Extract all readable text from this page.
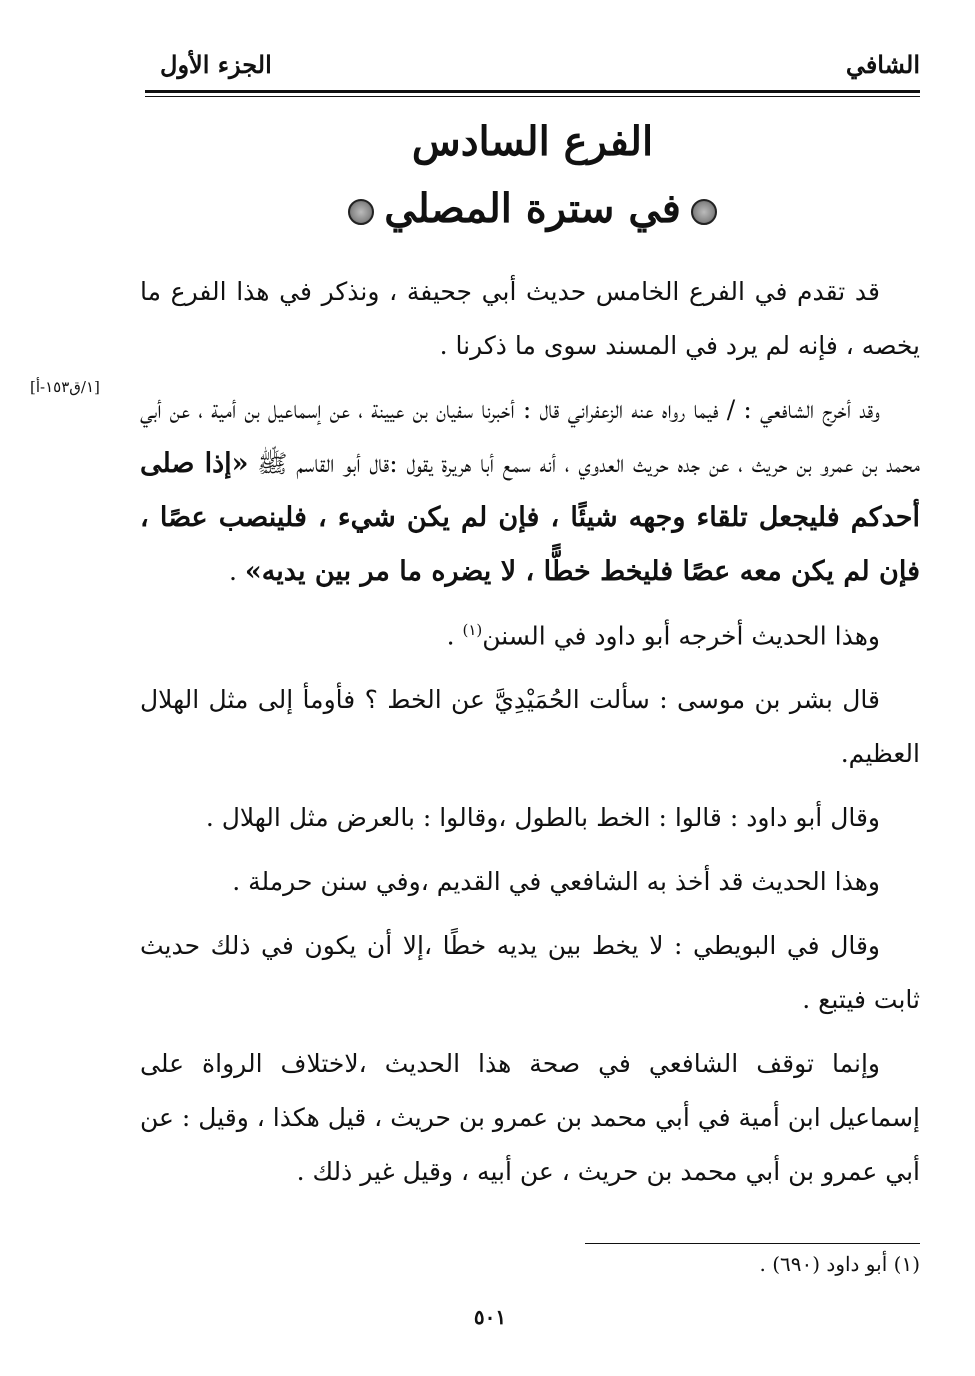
الشافي
الجزء الأول
الفرع السادس
في سترة المصلي
[١/ق١٥٣-أ]

قد تقدم في الفرع الخامس حديث أبي جحيفة ، ونذكر في هذا الفرع ما يخصه ، فإنه لم يرد في المسند سوى ما ذكرنا .

وقد أخرج الشافعي : / فيما رواه عنه الزعفراني قال : أخبرنا سفيان بن عيينة ، عن إسماعيل بن أمية ، عن أبي محمد بن عمرو بن حريث ، عن جده حريث العدوي ، أنه سمع أبا هريرة يقول :قال أبو القاسم ﷺ «إذا صلى أحدكم فليجعل تلقاء وجهه شيئًا ، فإن لم يكن شيء ، فلينصب عصًا ، فإن لم يكن معه عصًا فليخط خطًّا ، لا يضره ما مر بين يديه» .

وهذا الحديث أخرجه أبو داود في السنن$^{(١)}$ .

قال بشر بن موسى : سألت الحُمَيْدِيَّ عن الخط ؟ فأومأ إلى مثل الهلال العظيم.

وقال أبو داود : قالوا : الخط بالطول ،وقالوا : بالعرض مثل الهلال .

وهذا الحديث قد أخذ به الشافعي في القديم ،وفي سنن حرملة .

وقال في البويطي : لا يخط بين يديه خطًا ،إلا أن يكون في ذلك حديث ثابت فيتبع .

وإنما توقف الشافعي في صحة هذا الحديث ،لاختلاف الرواة على إسماعيل ابن أمية في أبي محمد بن عمرو بن حريث ، قيل هكذا ، وقيل : عن أبي عمرو بن أبي محمد بن حريث ، عن أبيه ، وقيل غير ذلك .

(١) أبو داود (٦٩٠) .
٥٠١
